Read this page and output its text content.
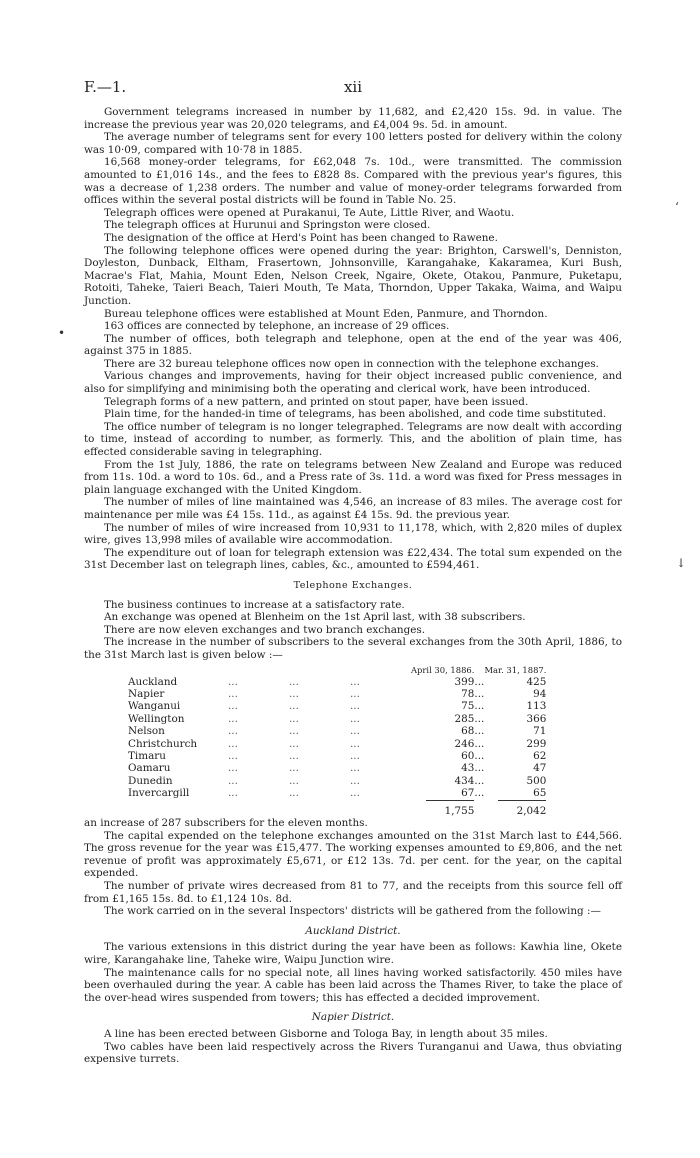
F.—1.	xii
‘
•
↓

Government telegrams increased in number by 11,682, and £2,420 15s. 9d. in value. The increase the previous year was 20,020 telegrams, and £4,004 9s. 5d. in amount.

The average number of telegrams sent for every 100 letters posted for delivery within the colony was 10·09, compared with 10·78 in 1885.

16,568 money-order telegrams, for £62,048 7s. 10d., were transmitted. The commission amounted to £1,016 14s., and the fees to £828 8s. Compared with the previous year's figures, this was a decrease of 1,238 orders. The number and value of money-order telegrams forwarded from offices within the several postal districts will be found in Table No. 25.

Telegraph offices were opened at Purakanui, Te Aute, Little River, and Waotu.

The telegraph offices at Hurunui and Springston were closed.

The designation of the office at Herd's Point has been changed to Rawene.

The following telephone offices were opened during the year: Brighton, Carswell's, Denniston, Doyleston, Dunback, Eltham, Frasertown, Johnsonville, Karangahake, Kakaramea, Kuri Bush, Macrae's Flat, Mahia, Mount Eden, Nelson Creek, Ngaire, Okete, Otakou, Panmure, Puketapu, Rotoiti, Taheke, Taieri Beach, Taieri Mouth, Te Mata, Thorndon, Upper Takaka, Waima, and Waipu Junction.

Bureau telephone offices were established at Mount Eden, Panmure, and Thorndon.

163 offices are connected by telephone, an increase of 29 offices.

The number of offices, both telegraph and telephone, open at the end of the year was 406, against 375 in 1885.

There are 32 bureau telephone offices now open in connection with the telephone exchanges.

Various changes and improvements, having for their object increased public convenience, and also for simplifying and minimising both the operating and clerical work, have been introduced.

Telegraph forms of a new pattern, and printed on stout paper, have been issued.

Plain time, for the handed-in time of telegrams, has been abolished, and code time substituted.

The office number of telegram is no longer telegraphed. Telegrams are now dealt with according to time, instead of according to number, as formerly. This, and the abolition of plain time, has effected considerable saving in telegraphing.

From the 1st July, 1886, the rate on telegrams between New Zealand and Europe was reduced from 11s. 10d. a word to 10s. 6d., and a Press rate of 3s. 11d. a word was fixed for Press messages in plain language exchanged with the United Kingdom.

The number of miles of line maintained was 4,546, an increase of 83 miles. The average cost for maintenance per mile was £4 15s. 11d., as against £4 15s. 9d. the previous year.

The number of miles of wire increased from 10,931 to 11,178, which, with 2,820 miles of duplex wire, gives 13,998 miles of available wire accommodation.

The expenditure out of loan for telegraph extension was £22,434. The total sum expended on the 31st December last on telegraph lines, cables, &c., amounted to £594,461.

Telephone Exchanges.

The business continues to increase at a satisfactory rate.

An exchange was opened at Blenheim on the 1st April last, with 38 subscribers.

There are now eleven exchanges and two branch exchanges.

The increase in the number of subscribers to the several exchanges from the 30th April, 1886, to the 31st March last is given below :—

				April 30, 1886.		Mar. 31, 1887.
Auckland	...	...	...	399	...	425
Napier	...	...	...	78	...	94
Wanganui	...	...	...	75	...	113
Wellington	...	...	...	285	...	366
Nelson	...	...	...	68	...	71
Christchurch	...	...	...	246	...	299
Timaru	...	...	...	60	...	62
Oamaru	...	...	...	43	...	47
Dunedin	...	...	...	434	...	500
Invercargill	...	...	...	67	...	65

1,755		2,042

an increase of 287 subscribers for the eleven months.

The capital expended on the telephone exchanges amounted on the 31st March last to £44,566. The gross revenue for the year was £15,477. The working expenses amounted to £9,806, and the net revenue of profit was approximately £5,671, or £12 13s. 7d. per cent. for the year, on the capital expended.

The number of private wires decreased from 81 to 77, and the receipts from this source fell off from £1,165 15s. 8d. to £1,124 10s. 8d.

The work carried on in the several Inspectors' districts will be gathered from the following :—

Auckland District.

The various extensions in this district during the year have been as follows: Kawhia line, Okete wire, Karangahake line, Taheke wire, Waipu Junction wire.

The maintenance calls for no special note, all lines having worked satisfactorily. 450 miles have been overhauled during the year. A cable has been laid across the Thames River, to take the place of the over-head wires suspended from towers; this has effected a decided improvement.

Napier District.

A line has been erected between Gisborne and Tologa Bay, in length about 35 miles.

Two cables have been laid respectively across the Rivers Turanganui and Uawa, thus obviating expensive turrets.
